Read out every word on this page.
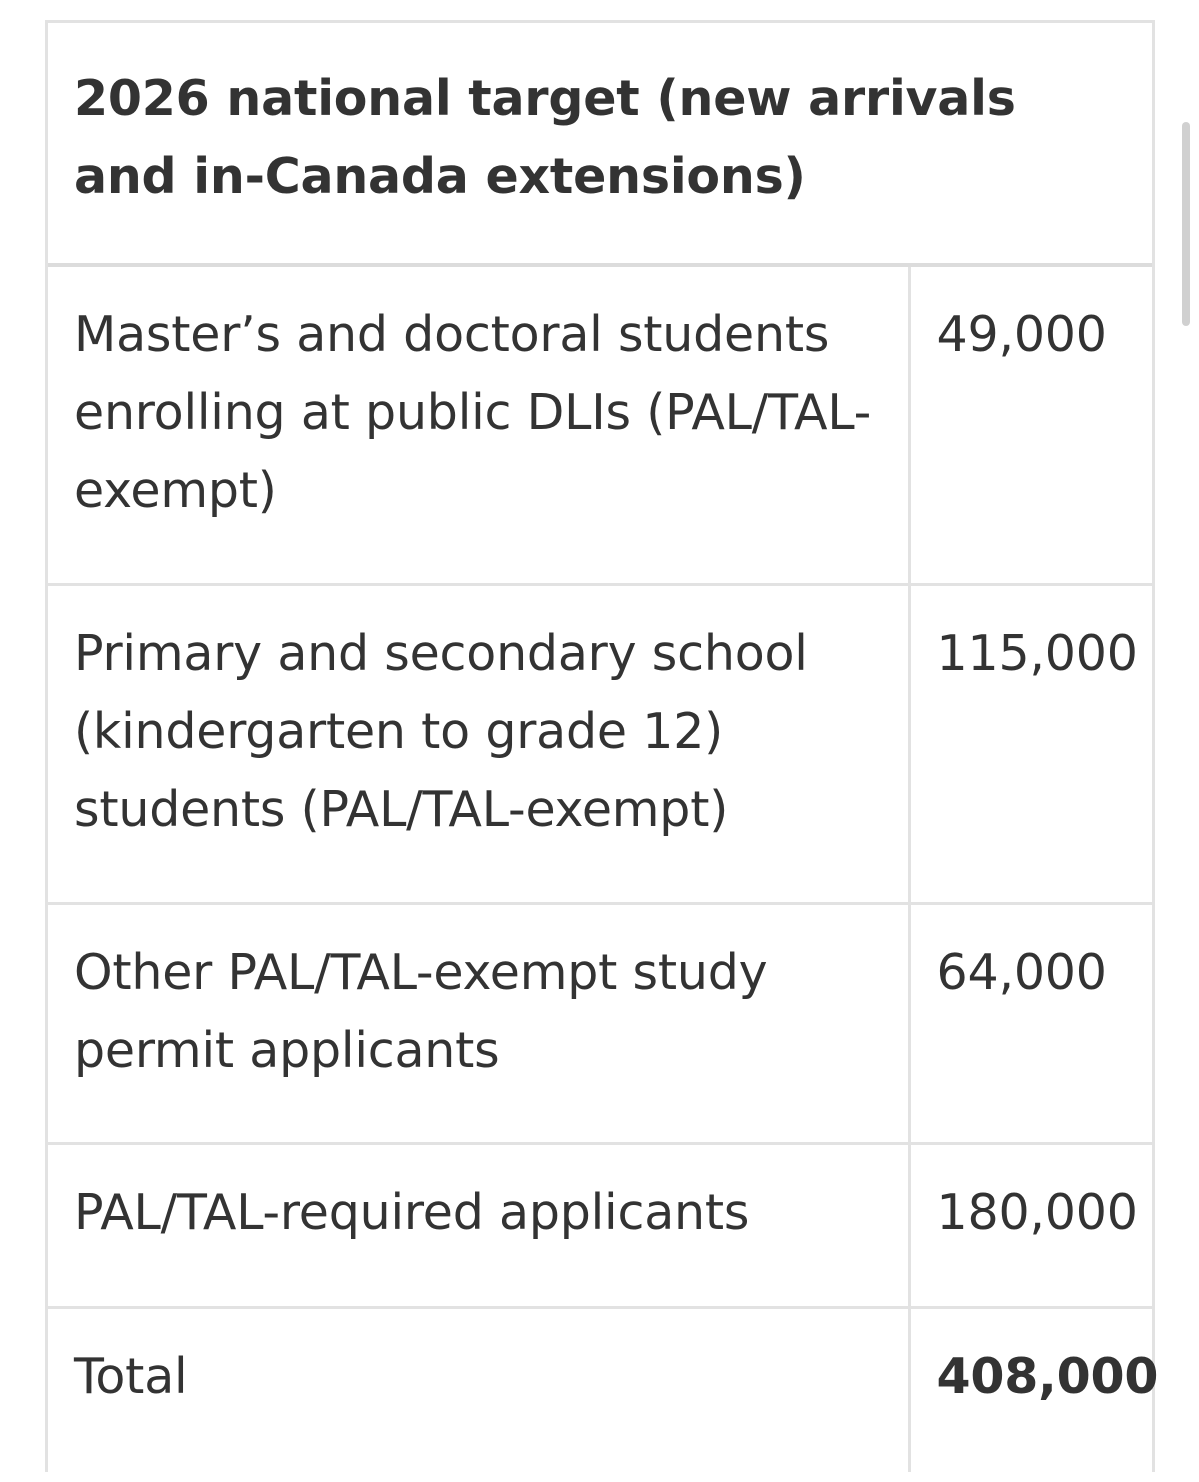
2026 national target (new arrivals and in-Canada extensions)	
Master’s and doctoral students enrolling at public DLIs (PAL/TAL-exempt)	49,000
Primary and secondary school (kindergarten to grade 12) students (PAL/TAL-exempt)	115,000
Other PAL/TAL-exempt study permit applicants	64,000
PAL/TAL-required applicants	180,000
Total	408,000
